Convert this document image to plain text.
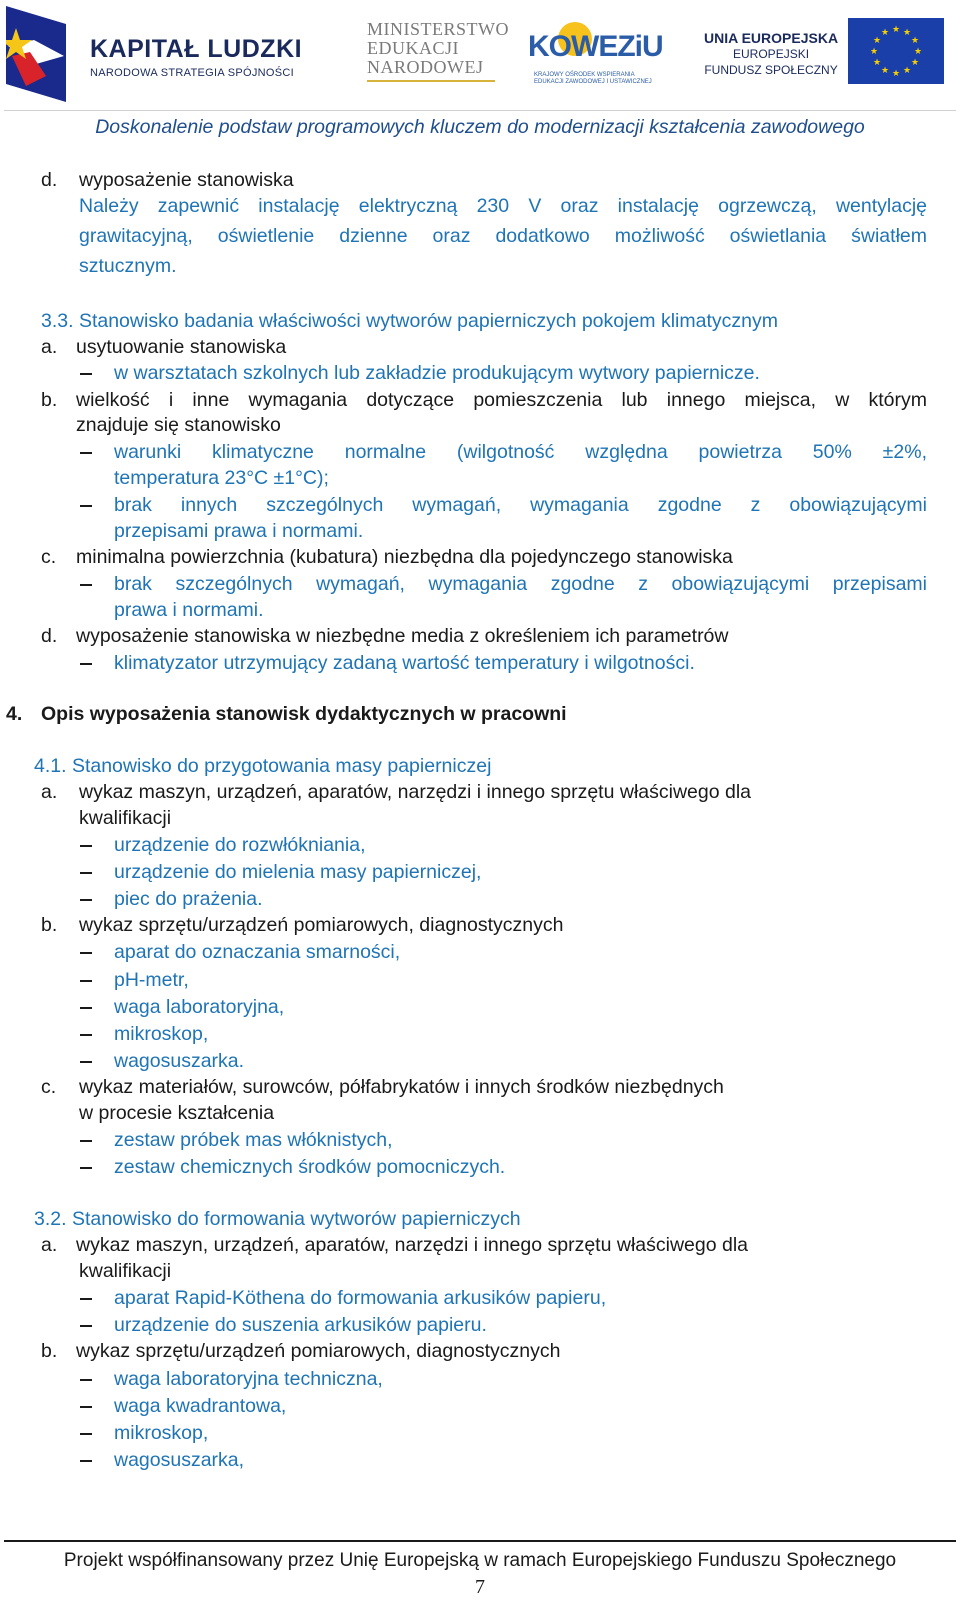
KAPITAŁ LUDZKI
NARODOWA STRATEGIA SPÓJNOŚCI
MINISTERSTWO
EDUKACJI
NARODOWEJ
KOWEZiU
KRAJOWY OŚRODEK WSPIERANIA EDUKACJI ZAWODOWEJ I USTAWICZNEJ
UNIA EUROPEJSKA
EUROPEJSKI
FUNDUSZ SPOŁECZNY
★ ★
★
★
★
★
★
★
★
★
★
★
Doskonalenie podstaw programowych kluczem do modernizacji kształcenia zawodowego
d. wyposażenie stanowiska
Należy zapewnić instalację elektryczną 230 V oraz instalację ogrzewczą, wentylację
grawitacyjną, oświetlenie dzienne oraz dodatkowo możliwość oświetlania światłem
sztucznym.
3.3. Stanowisko badania właściwości wytworów papierniczych pokojem klimatycznym
a. usytuowanie stanowiska
w warsztatach szkolnych lub zakładzie produkującym wytwory papiernicze.
b. wielkość i inne wymagania dotyczące pomieszczenia lub innego miejsca, w którym
znajduje się stanowisko
warunki klimatyczne normalne (wilgotność względna powietrza 50% ±2%,
temperatura 23°C ±1°C);
brak innych szczególnych wymagań, wymagania zgodne z obowiązującymi
przepisami prawa i normami.
c. minimalna powierzchnia (kubatura) niezbędna dla pojedynczego stanowiska
brak szczególnych wymagań, wymagania zgodne z obowiązującymi przepisami
prawa i normami.
d. wyposażenie stanowiska w niezbędne media z określeniem ich parametrów
klimatyzator utrzymujący zadaną wartość temperatury i wilgotności.
4. Opis wyposażenia stanowisk dydaktycznych w pracowni
4.1. Stanowisko do przygotowania masy papierniczej
a. wykaz maszyn, urządzeń, aparatów, narzędzi i innego sprzętu właściwego dla
kwalifikacji
urządzenie do rozwłókniania,
urządzenie do mielenia masy papierniczej,
piec do prażenia.
b. wykaz sprzętu/urządzeń pomiarowych, diagnostycznych
aparat do oznaczania smarności,
pH-metr,
waga laboratoryjna,
mikroskop,
wagosuszarka.
c. wykaz materiałów, surowców, półfabrykatów i innych środków niezbędnych
w procesie kształcenia
zestaw próbek mas włóknistych,
zestaw chemicznych środków pomocniczych.
3.2. Stanowisko do formowania wytworów papierniczych
a. wykaz maszyn, urządzeń, aparatów, narzędzi i innego sprzętu właściwego dla
kwalifikacji
aparat Rapid-Köthena do formowania arkusików papieru,
urządzenie do suszenia arkusików papieru.
b. wykaz sprzętu/urządzeń pomiarowych, diagnostycznych
waga laboratoryjna techniczna,
waga kwadrantowa,
mikroskop,
wagosuszarka,
Projekt współfinansowany przez Unię Europejską w ramach Europejskiego Funduszu Społecznego
7
